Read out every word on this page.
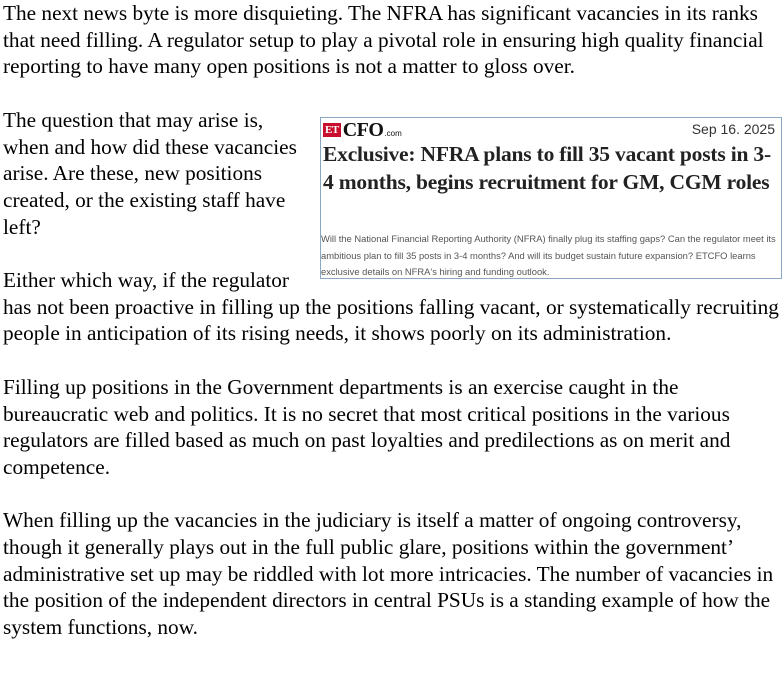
The next news byte is more disquieting. The NFRA has significant vacancies in its ranks that need filling. A regulator setup to play a pivotal role in ensuring high quality financial reporting to have many open positions is not a matter to gloss over.

ET CFO .com	Sep 16. 2025
Exclusive: NFRA plans to fill 35 vacant posts in 3-4 months, begins recruitment for GM, CGM roles
Will the National Financial Reporting Authority (NFRA) finally plug its staffing gaps? Can the regulator meet its ambitious plan to fill 35 posts in 3-4 months? And will its budget sustain future expansion? ETCFO learns exclusive details on NFRA's hiring and funding outlook.

The question that may arise is, when and how did these vacancies arise. Are these, new positions created, or the existing staff have left?

Either which way, if the regulator has not been proactive in filling up the positions falling vacant, or systematically recruiting people in anticipation of its rising needs, it shows poorly on its administration.

Filling up positions in the Government departments is an exercise caught in the bureaucratic web and politics. It is no secret that most critical positions in the various regulators are filled based as much on past loyalties and predilections as on merit and competence.

When filling up the vacancies in the judiciary is itself a matter of ongoing controversy, though it generally plays out in the full public glare, positions within the government’ administrative set up may be riddled with lot more intricacies. The number of vacancies in the position of the independent directors in central PSUs is a standing example of how the system functions, now.
